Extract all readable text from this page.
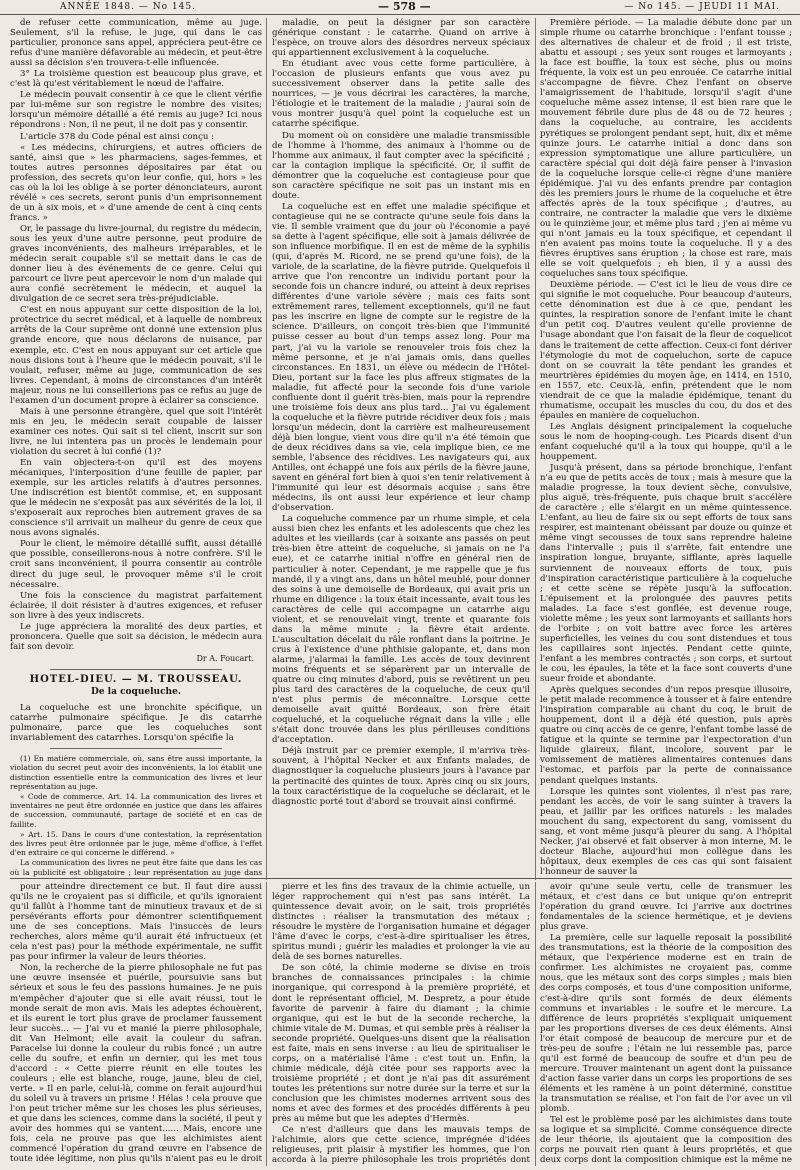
ANNÉE 1848. — No 145.	— 578 —	— No 145. — JEUDI 11 MAI.

de refuser cette communication, même au juge. Seulement, s'il la refuse, le juge, qui dans le cas particulier, prononce sans appel, appréciera peut-être ce refus d'une manière défavorable au médecin, et peut-être aussi sa décision s'en trouvera-t-elle influencée.

3° La troisième question est beaucoup plus grave, et c'est là qu'est véritablement le nœud de l'affaire.

Le médecin pouvait consentir à ce que le client vérifie par lui-même sur son registre le nombre des visites; lorsqu'un mémoire détaillé a été remis au juge? Ici nous répondrons : Non, il ne peut, il ne doit pas y consentir.

L'article 378 du Code pénal est ainsi conçu :

« Les médecins, chirurgiens, et autres officiers de santé, ainsi que » les pharmaciens, sages-femmes, et toutes autres personnes dépositaires par état ou profession, des secrets qu'on leur confie, qui, hors » les cas où la loi les oblige à se porter dénonciateurs, auront révélé » ces secrets, seront punis d'un emprisonnement de un à six mois, et » d'une amende de cent à cinq cents francs. »

Or, le passage du livre-journal, du registre du médecin, sous les yeux d'une autre personne, peut produire de graves inconvénients, des malheurs irréparables, et le médecin serait coupable s'il se mettait dans le cas de donner lieu à des événements de ce genre. Celui qui parcourt ce livre peut apercevoir le nom d'un malade qui aura confié secrètement le médecin, et auquel la divulgation de ce secret sera très-préjudiciable.

C'est en nous appuyant sur cette disposition de la loi, protectrice du secret médical, et à laquelle de nombreux arrêts de la Cour suprême ont donné une extension plus grande encore, que nous déclarons de nuisance, par exemple, etc. C'est en nous appuyant sur cet article que nous disions tout à l'heure que le médecin pouvait, s'il le voulait, refuser, même au juge, communication de ses livres. Cependant, à moins de circonstances d'un intérêt majeur, nous ne lui conseillerions pas ce refus au juge de l'examen d'un document propre à éclairer sa conscience.

Mais à une personne étrangère, quel que soit l'intérêt mis en jeu, le médecin serait coupable de laisser examiner ces notes. Qui sait si tel client, inscrit sur son livre, ne lui intentera pas un procès le lendemain pour violation du secret à lui confié (1)?

En vain objectera-t-on qu'il est des moyens mécaniques, l'interposition d'une feuille de papier, par exemple, sur les articles relatifs à d'autres personnes. Une indiscrétion est bientôt commise, et, en supposant que le médecin ne s'exposât pas aux sévérités de la loi, il s'exposerait aux reproches bien autrement graves de sa conscience s'il arrivait un malheur du genre de ceux que nous avons signalés.

Pour le client, le mémoire détaillé suffit, aussi détaillé que possible, conseillerons-nous à notre confrère. S'il le croit sans inconvénient, il pourra consentir au contrôle direct du juge seul, le provoquer même s'il le croit nécessaire.

Une fois la conscience du magistrat parfaitement éclairée, il doit résister à d'autres exigences, et refuser son livre à des yeux indiscrets.

Le juge appréciera la moralité des deux parties, et prononcera. Quelle que soit sa décision, le médecin aura fait son devoir.

Dr A. Foucart.
HOTEL-DIEU. — M. TROUSSEAU.
De la coqueluche.

La coqueluche est une bronchite spécifique, un catarrhe pulmonaire spécifique. Je dis catarrhe pulmonaire, parce que les coqueluches sont invariablement des catarrhes. Lorsqu'on spécifie la

(1) En matière commerciale, où, sans être aussi importante, la violation du secret peut avoir des inconvénients, la loi établit une distinction essentielle entre la communication des livres et leur représentation au juge.

« Code de commerce. Art. 14. La communication des livres et inventaires ne peut être ordonnée en justice que dans les affaires de succession, communauté, partage de société et en cas de faillite.

» Art. 15. Dans le cours d'une contestation, la représentation des livres peut être ordonnée par le juge, même d'office, à l'effet d'en extraire ce qui concerne le différend. »

La communication des livres ne peut être faite que dans les cas où la publicité est obligatoire ; leur représentation au juge dans

maladie, on peut la désigner par son caractère générique constant : le catarrhe. Quand on arrive à l'espèce, on trouve alors des désordres nerveux spéciaux qui appartiennent exclusivement à la coqueluche.

En étudiant avec vous cette forme particulière, à l'occasion de plusieurs enfants que vous avez pu successivement observer dans la petite salle des nourrices, — je vous décrirai les caractères, la marche, l'étiologie et le traitement de la maladie ; j'aurai soin de vous montrer jusqu'à quel point la coqueluche est un catarrhe spécifique.

Du moment où on considère une maladie transmissible de l'homme à l'homme, des animaux à l'homme ou de l'homme aux animaux, il faut compter avec la spécificité ; car la contagion implique la spécificité. Or, il suffit de démontrer que la coqueluche est contagieuse pour que son caractère spécifique ne soit pas un instant mis en doute.

La coqueluche est en effet une maladie spécifique et contagieuse qui ne se contracte qu'une seule fois dans la vie. Il semble vraiment que du jour où l'économie a payé sa dette à l'agent spécifique, elle soit à jamais délivrée de son influence morbifique. Il en est de même de la syphilis (qui, d'après M. Ricord, ne se prend qu'une fois), de la variole, de la scarlatine, de la fièvre putride. Quelquefois il arrive que l'on rencontre un individu portant pour la seconde fois un chancre induré, ou atteint à deux reprises différentes d'une variole sévère ; mais ces faits sont extrêmement rares, tellement exceptionnels, qu'il ne faut pas les inscrire en ligne de compte sur le registre de la science. D'ailleurs, on conçoit très-bien que l'immunité puisse cesser au bout d'un temps assez long. Pour ma part, j'ai vu la variole se renouveler trois fois chez la même personne, et je n'ai jamais omis, dans quelles circonstances. En 1831, un élève ou médecin de l'Hôtel-Dieu, portant sur la face les plus affreux stigmates de la maladie, fut affecté pour la seconde fois d'une variole confluente dont il guérit très-bien, mais pour la reprendre une troisième fois deux ans plus tard... J'ai vu également la coqueluche et la fièvre putride récidiver deux fois ; mais lorsqu'un médecin, dont la carrière est malheureusement déjà bien longue, vient vous dire qu'il n'a été témoin que de deux récidives dans sa vie, cela implique bien, ce me semble, l'absence des récidives. Les navigateurs qui, aux Antilles, ont échappé une fois aux périls de la fièvre jaune, savent en général fort bien à quoi s'en tenir relativement à l'immunité qui leur est désormais acquise ; sans être médecins, ils ont aussi leur expérience et leur champ d'observation.

La coqueluche commence par un rhume simple, et cela aussi bien chez les enfants et les adolescents que chez les adultes et les vieillards (car à soixante ans passés on peut très-bien être atteint de coqueluche, si jamais on ne l'a eue), et ce catarrhe initial n'offre en général rien de particulier à noter. Cependant, je me rappelle que je fus mandé, il y a vingt ans, dans un hôtel meublé, pour donner des soins à une demoiselle de Bordeaux, qui avait pris un rhume en diligence : la toux était incessante, avait tous les caractères de celle qui accompagne un catarrhe aigu violent, et se renouvelait vingt, trente et quarante fois dans la même minute ; la fièvre était ardente. L'auscultation décelait du râle ronflant dans la poitrine. Je crus à l'existence d'une phthisie galopante, et, dans mon alarme, j'alarmai la famille. Les accès de toux devinrent moins fréquents et se séparèrent par un intervalle de quatre ou cinq minutes d'abord, puis se revêtirent un peu plus tard des caractères de la coqueluche, de ceux qu'il n'est plus permis de méconnaître. Lorsque cette demoiselle avait quitté Bordeaux, son frère était coqueluché, et la coqueluche régnait dans la ville ; elle s'était donc trouvée dans les plus périlleuses conditions d'acceptation.

Déjà instruit par ce premier exemple, il m'arriva très-souvent, à l'hôpital Necker et aux Enfants malades, de diagnostiquer la coqueluche plusieurs jours à l'avance par la pertinacité des quintes de toux. Après cinq ou six jours, la toux caractéristique de la coqueluche se déclarait, et le diagnostic porté tout d'abord se trouvait ainsi confirmé.

Première période. — La maladie débute donc par un simple rhume ou catarrhe bronchique : l'enfant tousse ; des alternatives de chaleur et de froid ; il est triste, abattu et assoupi ; ses yeux sont rouges et larmoyants ; la face est bouffie, la toux est sèche, plus ou moins fréquente, la voix est un peu enrouée. Ce catarrhe initial s'accompagne de fièvre. Chez l'enfant on observe l'amaigrissement de l'habitude, lorsqu'il s'agit d'une coqueluche même assez intense, il est bien rare que le mouvement fébrile dure plus de 48 ou de 72 heures ; dans la coqueluche, au contraire, les accidents pyrétiques se prolongent pendant sept, huit, dix et même quinze jours. Le catarrhe initial a donc dans son expression symptomatique une allure particulière, un caractère spécial qui doit déjà faire penser à l'invasion de la coqueluche lorsque celle-ci règne d'une manière épidémique. J'ai vu des enfants prendre par contagion dès les premiers jours le rhume de la coqueluche et être affectés après de la toux spécifique ; d'autres, au contraire, ne contracter la maladie que vers le dixième ou le quinzième jour, et même plus tard ; j'en ai même vu qui n'ont jamais eu la toux spécifique, et cependant il n'en avaient pas moins toute la coqueluche. Il y a des fièvres éruptives sans éruption ; la chose est rare, mais elle se voit quelquefois ; eh bien, il y a aussi des coqueluches sans toux spécifique.

Deuxième période. — C'est ici le lieu de vous dire ce qui signifie le mot coqueluche. Pour beaucoup d'auteurs, cette dénomination est due à ce que, pendant les quintes, la respiration sonore de l'enfant imite le chant d'un petit coq. D'autres veulent qu'elle provienne de l'usage abondant que l'on faisait de la fleur de coquelicot dans le traitement de cette affection. Ceux-ci font dériver l'étymologie du mot de coqueluchon, sorte de capuce dont on se couvrait la tête pendant les grandes et meurtrières épidémies du moyen âge, en 1414, en 1510, en 1557, etc. Ceux-là, enfin, prétendent que le nom viendrait de ce que la maladie épidémique, tenant du rhumatisme, occupait les muscles du cou, du dos et des épaules en manière de coqueluchon.

Les Anglais désignent principalement la coqueluche sous le nom de hooping-cough. Les Picards disent d'un enfant coqueluché qu'il a la toux qui houppe, qu'il a le houppement.

Jusqu'à présent, dans sa période bronchique, l'enfant n'a eu que de petits accès de toux ; mais à mesure que la maladie progresse, la toux devient sèche, convulsive, plus aiguë, très-fréquente, puis chaque bruit s'accélère de caractère ; elle s'élargit en un même quintessence. L'enfant, au lieu de faire six ou sept efforts de toux sans respirer, est maintenant obéissant par douze ou quinze et même vingt secousses de toux sans reprendre haleine dans l'intervalle ; puis il s'arrête, fait entendre une inspiration longue, bruyante, sifflante, après laquelle surviennent de nouveaux efforts de toux, puis d'inspiration caractéristique particulière à la coqueluche ; et cette scène se répète jusqu'à la suffocation. L'épuisement et la prolonguée des pauvres petits malades. La face s'est gonflée, est devenue rouge, violette même ; les yeux sont larmoyants et saillants hors de l'orbite ; on voit battre avec force les artères superficielles, les veines du cou sont distendues et tous les capillaires sont injectés. Pendant cette quinte, l'enfant a les membres contractés ; son corps, et surtout le cou, les épaules, la tête et la face sont couverts d'une sueur froide et abondante.

Après quelques secondes d'un repos presque illusoire, le petit malade recommence à tousser et à faire entendre l'inspiration comparable au chant du coq, le bruit de houppement, dont il a déjà été question, puis après quatre ou cinq accès de ce genre, l'enfant tombe lassé de fatigue et la quinte se termine par l'expectoration d'un liquide glaireux, filant, incolore, souvent par le vomissement de matières alimentaires contenues dans l'estomac, et parfois par la perte de connaissance pendant quelques instants.

Lorsque les quintes sont violentes, il n'est pas rare, pendant les accès, de voir le sang suinter à travers la peau, et jaillir par les orifices naturels : les malades mouchent du sang, expectorent du sang, vomissent du sang, et vont même jusqu'à pleurer du sang. A l'hôpital Necker, j'ai observé et fait observer à mon interne, M. le docteur Blache, aujourd'hui mon collègue dans les hôpitaux, deux exemples de ces cas qui sont faisaient l'honneur de sauver la

pour atteindre directement ce but. Il faut dire aussi qu'ils ne le croyaient pas si difficile, et qu'ils ignoraient qu'il fallût à l'homme tant de minutieux travaux et de si persévérants efforts pour démontrer scientifiquement une de ses conceptions. Mais l'insuccès de leurs recherches, alors même qu'il aurait été infructueux (et cela n'est pas) pour la méthode expérimentale, ne suffit pas pour infirmer la valeur de leurs théories.

Non, la recherche de la pierre philosophale ne fut pas une œuvre insensée et puérile, poursuivie sans but sérieux et sous le feu des passions humaines. Je ne puis m'empêcher d'ajouter que si elle avait réussi, tout le monde serait de mon avis. Mais les adeptes échouèrent, et ils eurent le tort plus grave de proclamer faussement leur succès... — J'ai vu et manié la pierre philosophale, dit Van Helmont; elle avait la couleur du safran. Paracelse lui donne la couleur du rubis foncé ; un autre celle du soufre, et enfin un dernier, qui les met tous d'accord : « Cette pierre réunit en elle toutes les couleurs ; elle est blanche, rouge, jaune, bleu de ciel, verte. » Il en parle, celui-là, comme on ferait aujourd'hui du soleil vu à travers un prisme ! Hélas ! cela prouve que l'on peut tricher même sur les choses les plus sérieuses, et que dans les sciences, comme dans la société, il peut y avoir des hommes qui se vantent...... Mais, encore une fois, cela ne prouve pas que les alchimistes aient commencé l'opération du grand œuvre en l'absence de toute idée légitime, non plus qu'ils n'aient pas eu le droit

pierre et les fins des travaux de la chimie actuelle, un léger rapprochement qui n'est pas sans intérêt. La quintessence devait avoir, on le sait, trois propriétés distinctes : réaliser la transmutation des métaux ; résoudre le mystère de l'organisation humaine et dégager l'âme d'avec le corps, c'est-à-dire spiritualiser les êtres, spiritus mundi ; guérir les maladies et prolonger la vie au delà de ses bornes naturelles.

De son côté, la chimie moderne se divise en trois branches de connaissances principales : la chimie inorganique, qui correspond à la première propriété, et dont le représentant officiel, M. Despretz, a pour étude favorite de parvenir à faire du diamant ; la chimie organique, qui est le but de la seconde recherche, la chimie vitale de M. Dumas, et qui semble près à réaliser la seconde propriété. Quelques-uns disent que la réalisation est faite, mais en sens inverse : au lieu de spiritualiser le corps, on a matérialisé l'âme : c'est tout un. Enfin, la chimie médicale, déjà citée pour ses rapports avec la troisième propriété ; et dont je n'ai pas dit assurément toutes les prétentions sur notre durée sur la terre et sur la conclusion que les chimistes modernes arrivent sous des noms et avec des formes et des procédés différents à peu près au même but que les adeptes d'Hermès.

Ce n'est d'ailleurs que dans les mauvais temps de l'alchimie, alors que cette science, imprégnée d'idées religieuses, prit plaisir à mystifier les hommes, que l'on accorda à la pierre philosophale les trois propriétés dont

avoir qu'une seule vertu, celle de transmuer les métaux, et c'est dans ce but unique qu'on entreprit l'opération du grand œuvre. Ici j'arrive aux doctrines fondamentales de la science hermétique, et je deviens plus grave.

La première, celle sur laquelle reposait la possibilité des transmutations, est la théorie de la composition des métaux, que l'expérience moderne est en train de confirmer. Les alchimistes ne croyaient pas, comme nous, que les métaux sont des corps simples ; mais bien des corps composés, et tous d'une composition uniforme, c'est-à-dire qu'ils sont formés de deux éléments communs et invariables : le soufre et le mercure. La différence de leurs propriétés s'expliquait uniquement par les proportions diverses de ces deux éléments. Ainsi l'or était composé de beaucoup de mercure pur et de très-peu de soufre ; l'étain ne lui ressemble pas, parce qu'il est formé de beaucoup de soufre et d'un peu de mercure. Trouver maintenant un agent dont la puissance d'action fasse varier dans un corps les proportions de ses éléments et les ramène à un point déterminé, constitue la transmutation se réalise, et l'on fait de l'or avec un vil plomb.

Tel est le problème posé par les alchimistes dans toute sa logique et sa simplicité. Comme conséquence directe de leur théorie, ils ajoutaient que la composition des corps ne pouvait rien quant à leurs propriétés, et que deux corps dont la composition chimique est la même ne
